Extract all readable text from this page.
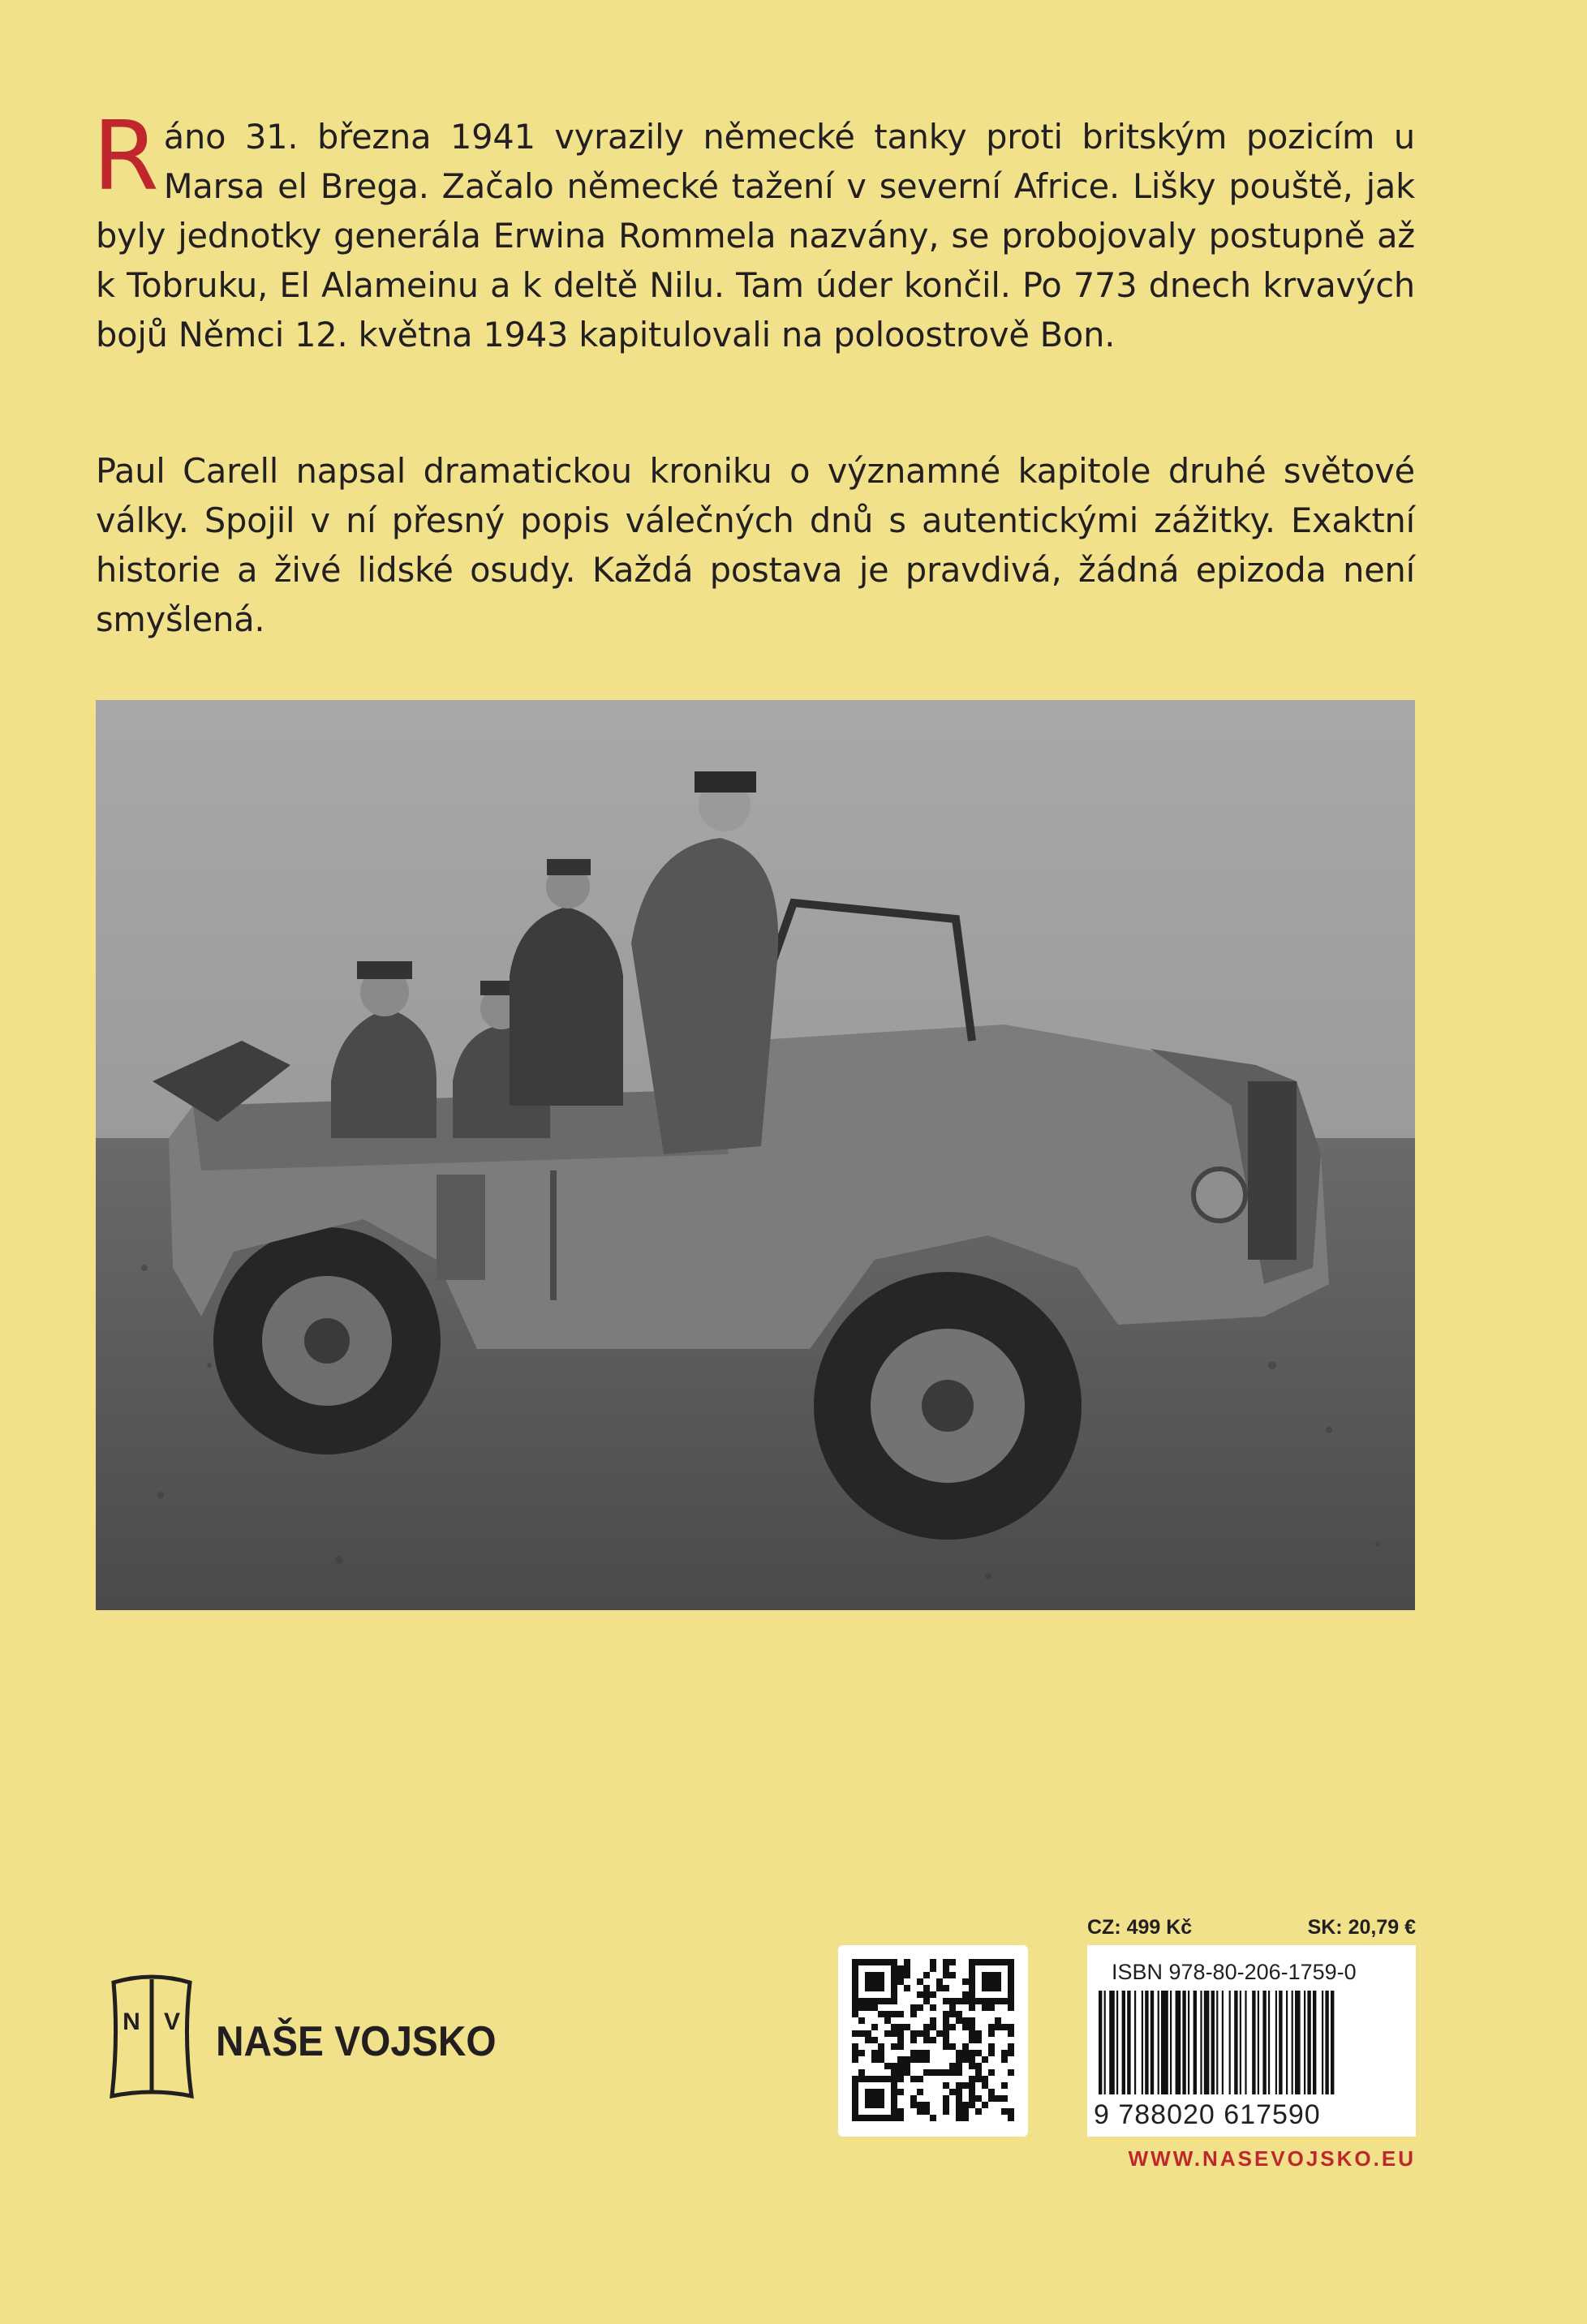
Ráno 31. března 1941 vyrazily německé tanky proti britským pozicím u Marsa el Brega. Začalo německé tažení v severní Africe. Lišky pouště, jak byly jednotky generála Erwina Rommela nazvány, se probojovaly postupně až k Tobruku, El Alameinu a k deltě Nilu. Tam úder končil. Po 773 dnech krvavých bojů Němci 12. května 1943 kapitulovali na poloostrově Bon.
Paul Carell napsal dramatickou kroniku o významné kapitole druhé světové války. Spojil v ní přesný popis válečných dnů s autentickými zážitky. Exaktní historie a živé lidské osudy. Každá postava je pravdivá, žádná epizoda není smyšlená.
N V NAŠE VOJSKO
CZ: 499 Kč	SK: 20,79 €
ISBN 978-80-206-1759-0
9 788020 617590
WWW.NASEVOJSKO.EU
